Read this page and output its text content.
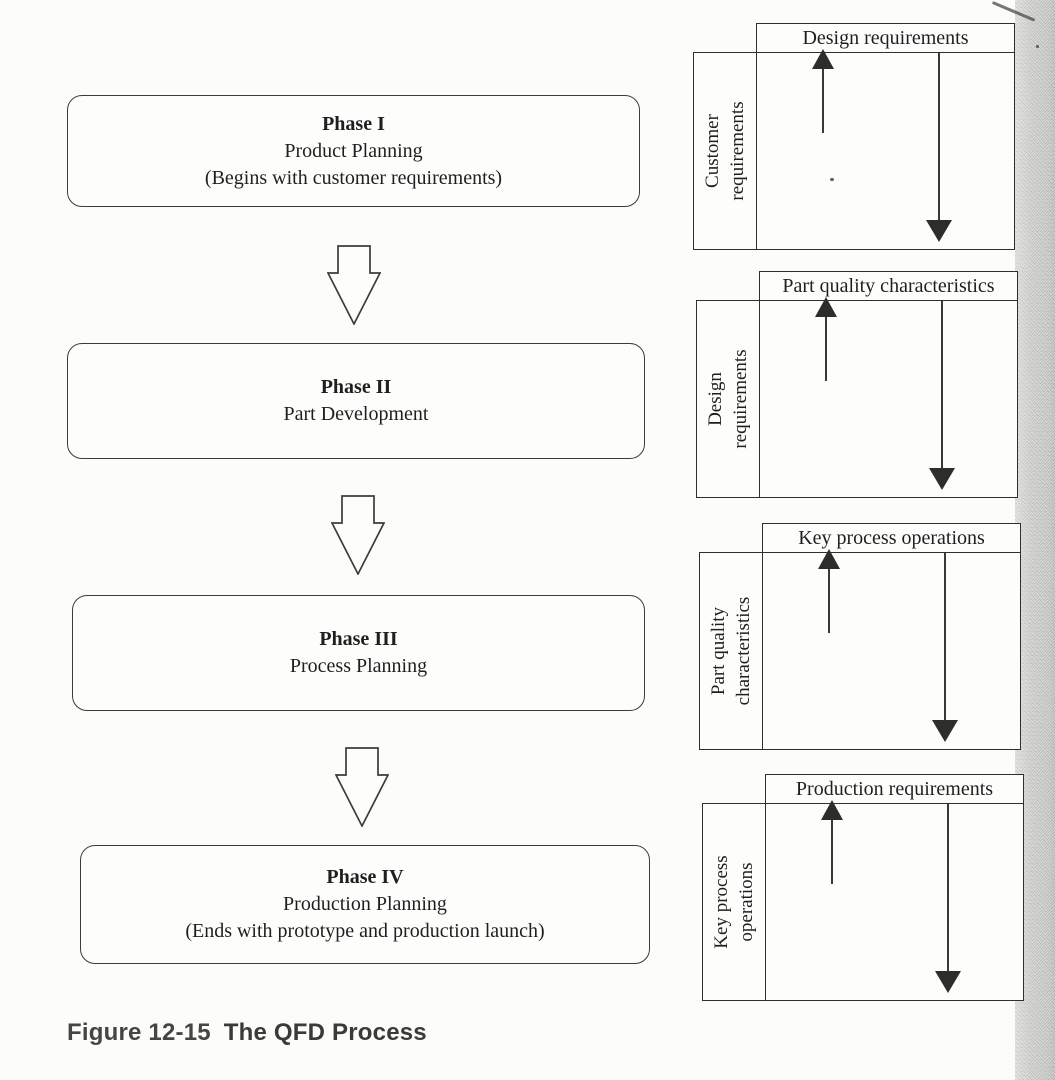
Phase I
Product Planning
(Begins with customer requirements)
Phase II
Part Development
Phase III
Process Planning
Phase IV
Production Planning
(Ends with prototype and production launch)
Design requirements
Customer requirements
Part quality characteristics
Design requirements
Key process operations
Part quality characteristics
Production requirements
Key process operations
Figure 12-15 The QFD Process
